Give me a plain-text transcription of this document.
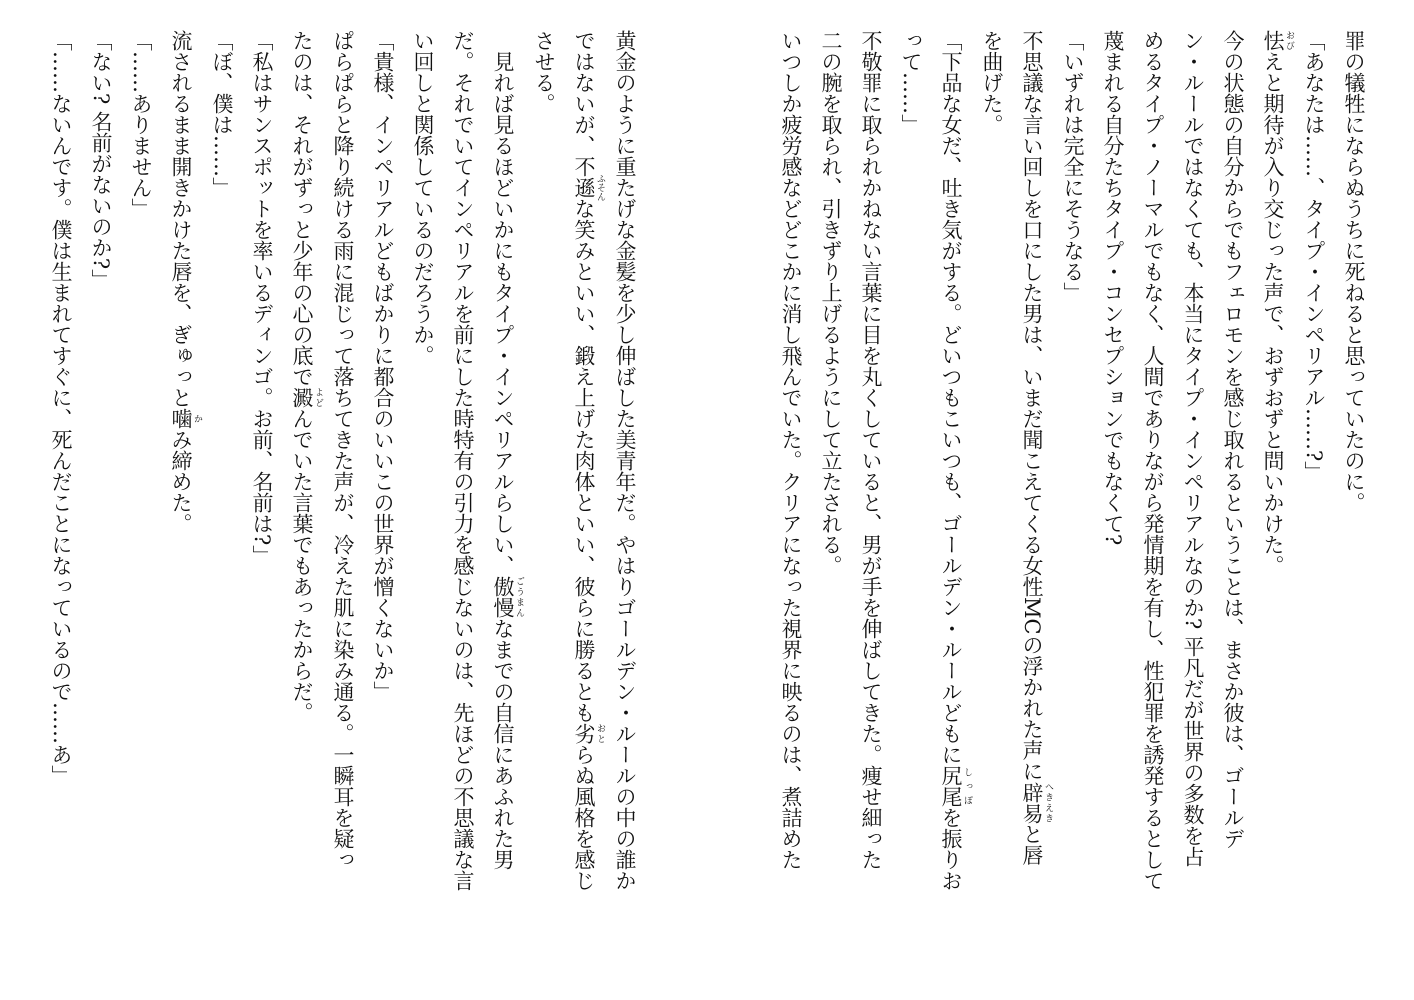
罪の犠牲にならぬうちに死ねると思っていたのに。
「あなたは……、タイプ・インペリアル……?」
怯 おびえと期待が入り交じった声で、おずおずと問いかけた。
今の状態の自分からでもフェロモンを感じ取れるということは、まさか彼は、ゴールデ
ン・ルールではなくても、本当にタイプ・インペリアルなのか? 平凡だが世界の多数を占
めるタイプ・ノーマルでもなく、人間でありながら発情期を有し、性犯罪を誘発するとして
蔑まれる自分たちタイプ・コンセプションでもなくて?
「いずれは完全にそうなる」
不思議な言い回しを口にした男は、いまだ聞こえてくる女性MCの浮かれた声に辟易 へきえきと唇
を曲げた。
「下品な女だ、吐き気がする。どいつもこいつも、ゴールデン・ルールどもに尻尾 しっぽを振りお
って……」
不敬罪に取られかねない言葉に目を丸くしていると、男が手を伸ばしてきた。痩せ細った
二の腕を取られ、引きずり上げるようにして立たされる。
いつしか疲労感などどこかに消し飛んでいた。クリアになった視界に映るのは、煮詰めた
黄金のように重たげな金髪を少し伸ばした美青年だ。やはりゴールデン・ルールの中の誰か
ではないが、不遜 ふそんな笑みといい、鍛え上げた肉体といい、彼らに勝るとも劣 おとらぬ風格を感じ
させる。
　見れば見るほどいかにもタイプ・インペリアルらしい、傲慢 ごうまんなまでの自信にあふれた男
だ。それでいてインペリアルを前にした時特有の引力を感じないのは、先ほどの不思議な言
い回しと関係しているのだろうか。
「貴様、インペリアルどもばかりに都合のいいこの世界が憎くないか」
ぱらぱらと降り続ける雨に混じって落ちてきた声が、冷えた肌に染み通る。一瞬耳を疑っ
たのは、それがずっと少年の心の底で澱 よどんでいた言葉でもあったからだ。
「私はサンスポットを率いるディンゴ。お前、名前は?」
「ぼ、僕は……」
流されるまま開きかけた唇を、ぎゅっと噛 かみ締めた。
「……ありません」
「ない? 名前がないのか?」
「……ないんです。僕は生まれてすぐに、死んだことになっているので……あ」
